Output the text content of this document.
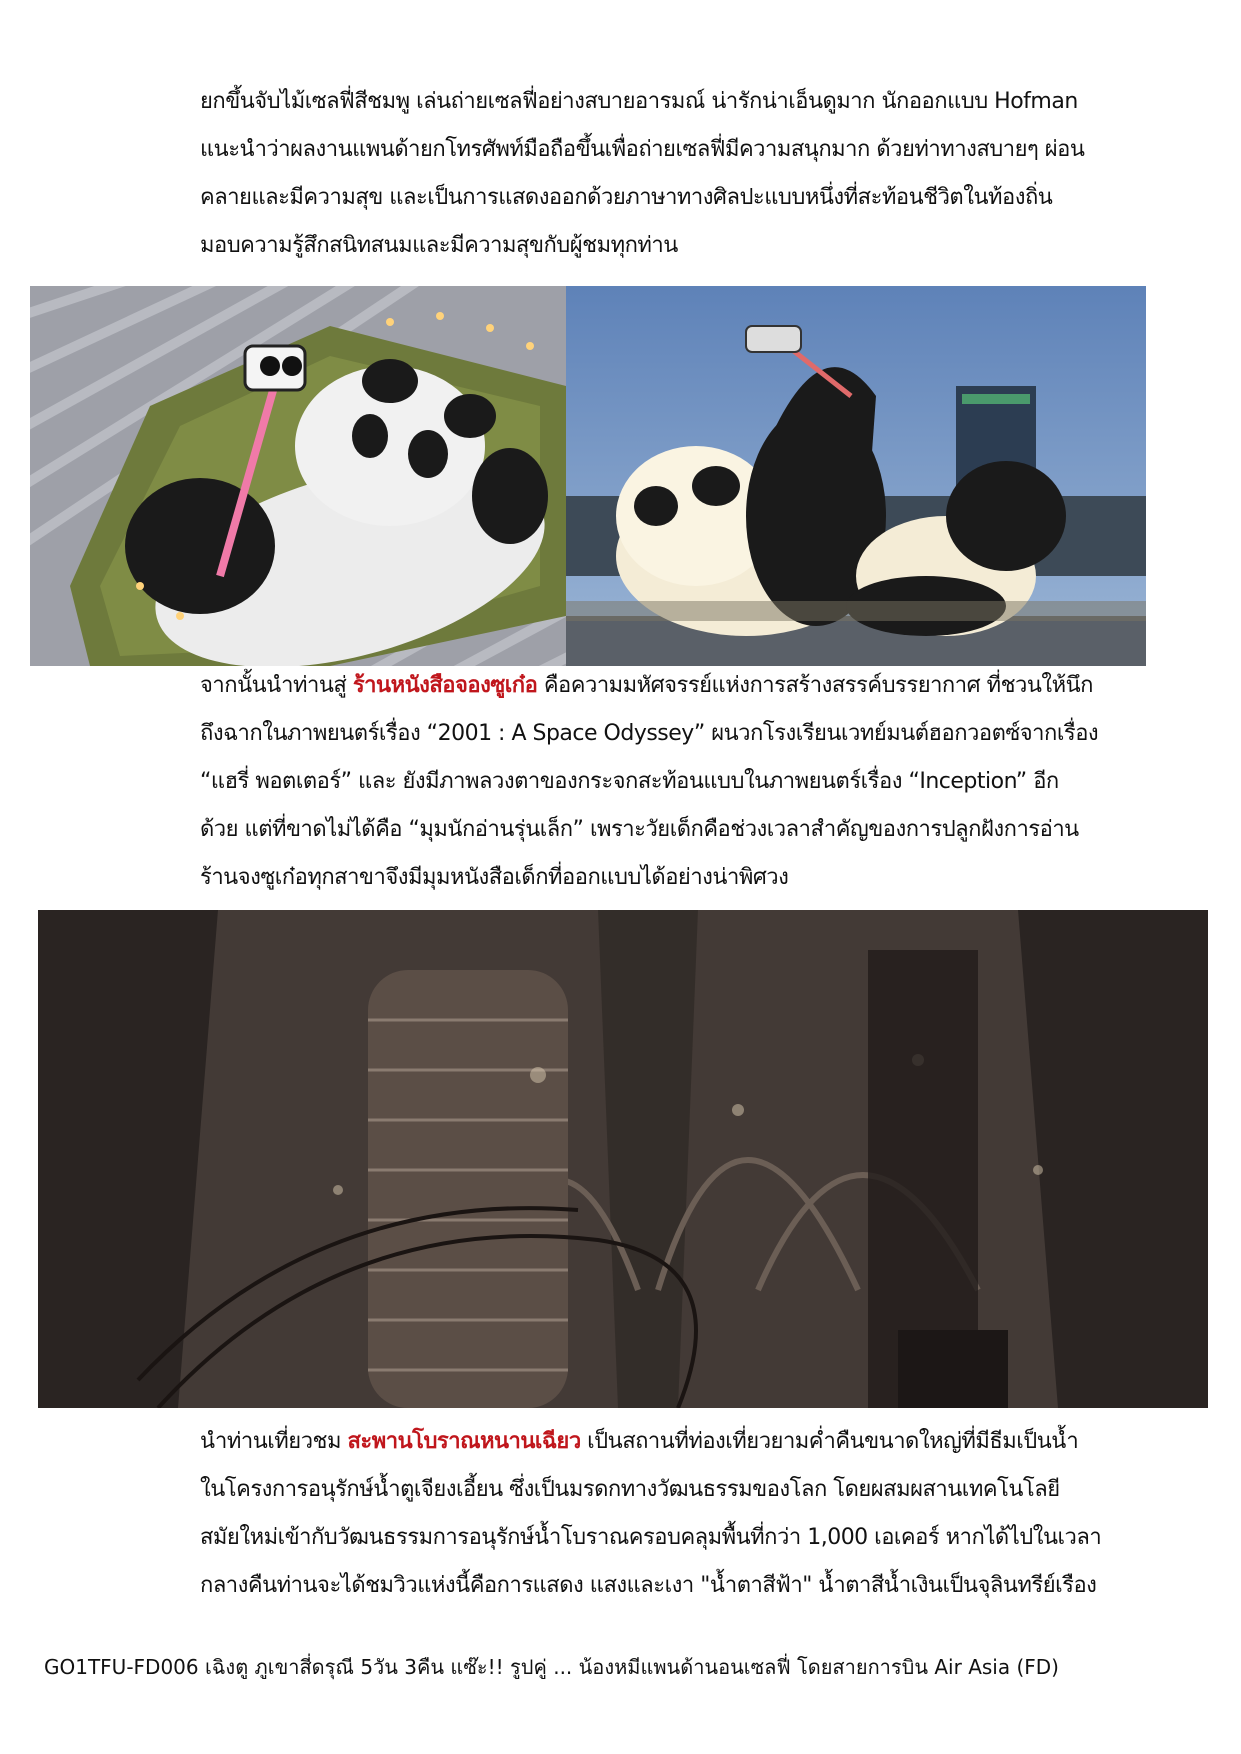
ยกขึ้นจับไม้เซลฟี่สีชมพู เล่นถ่ายเซลฟี่อย่างสบายอารมณ์ น่ารักน่าเอ็นดูมาก นักออกแบบ Hofman
แนะนำว่าผลงานแพนด้ายกโทรศัพท์มือถือขึ้นเพื่อถ่ายเซลฟี่มีความสนุกมาก ด้วยท่าทางสบายๆ ผ่อน
คลายและมีความสุข และเป็นการแสดงออกด้วยภาษาทางศิลปะแบบหนึ่งที่สะท้อนชีวิตในท้องถิ่น
มอบความรู้สึกสนิทสนมและมีความสุขกับผู้ชมทุกท่าน
จากนั้นนำท่านสู่ ร้านหนังสือจองซูเก๋อ คือความมหัศจรรย์แห่งการสร้างสรรค์บรรยากาศ ที่ชวนให้นึก
ถึงฉากในภาพยนตร์เรื่อง “2001 : A Space Odyssey” ผนวกโรงเรียนเวทย์มนต์ฮอกวอตซ์จากเรื่อง
“แฮรี่ พอตเตอร์” และ ยังมีภาพลวงตาของกระจกสะท้อนแบบในภาพยนตร์เรื่อง “Inception” อีก
ด้วย แต่ที่ขาดไม่ได้คือ “มุมนักอ่านรุ่นเล็ก” เพราะวัยเด็กคือช่วงเวลาสำคัญของการปลูกฝังการอ่าน
ร้านจงซูเก๋อทุกสาขาจึงมีมุมหนังสือเด็กที่ออกแบบได้อย่างน่าพิศวง
นำท่านเที่ยวชม สะพานโบราณหนานเฉียว เป็นสถานที่ท่องเที่ยวยามค่ำคืนขนาดใหญ่ที่มีธีมเป็นน้ำ
ในโครงการอนุรักษ์น้ำตูเจียงเอี้ยน ซึ่งเป็นมรดกทางวัฒนธรรมของโลก โดยผสมผสานเทคโนโลยี
สมัยใหม่เข้ากับวัฒนธรรมการอนุรักษ์น้ำโบราณครอบคลุมพื้นที่กว่า 1,000 เอเคอร์ หากได้ไปในเวลา
กลางคืนท่านจะได้ชมวิวแห่งนี้คือการแสดง แสงและเงา "น้ำตาสีฟ้า" น้ำตาสีน้ำเงินเป็นจุลินทรีย์เรือง
GO1TFU-FD006 เฉิงตู ภูเขาสี่ดรุณี 5วัน 3คืน แซ๊ะ!! รูปคู่ ... น้องหมีแพนด้านอนเซลฟี่ โดยสายการบิน Air Asia (FD)
